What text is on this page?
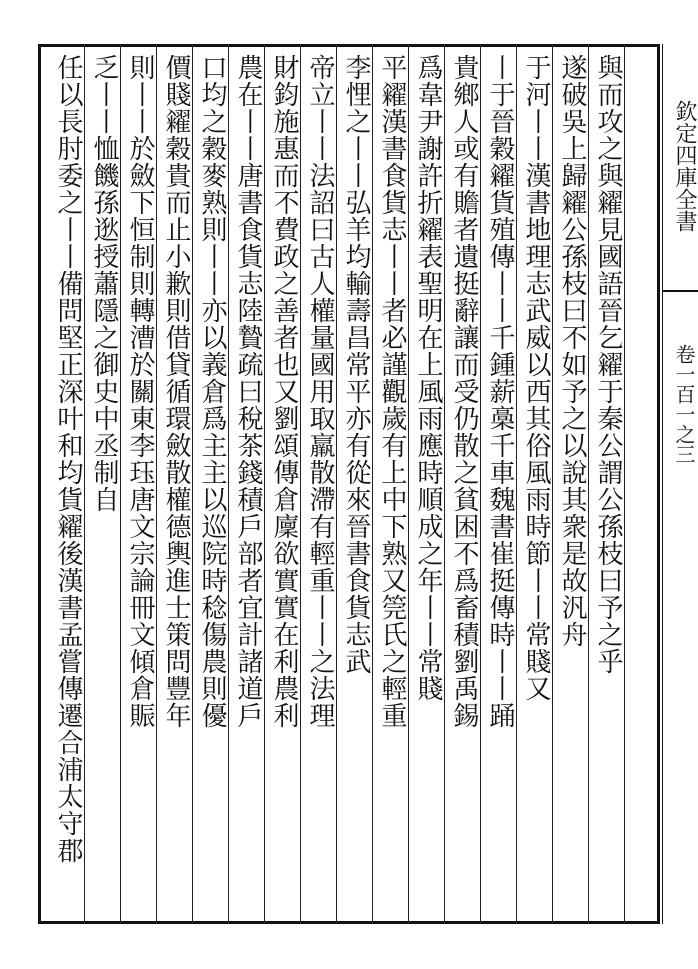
欽定四庫全書
卷一百一之三
與而攻之與糴見國語晉乞糴于秦公謂公孫枝曰予之乎
遂破吳上歸糴公孫枝曰不如予之以說其衆是故汎舟
于河丨丨漢書地理志武威以西其俗風雨時節丨丨常賤又
丨于晉穀糴貨殖傳丨丨千鍾薪槀千車魏書崔挺傳時丨丨踊
貴鄉人或有贍者遺挺辭讓而受仍散之貧困不爲畜積劉禹錫
爲韋尹謝許折糴表聖明在上風雨應時順成之年丨丨常賤
平糴漢書食貨志丨丨者必謹觀歲有上中下熟又筦氏之輕重
李悝之丨丨弘羊均輸壽昌常平亦有從來晉書食貨志武
帝立丨丨法詔曰古人權量國用取羸散滯有輕重丨丨之法理
財鈞施惠而不費政之善者也又劉頌傳倉廩欲實實在利農利
農在丨丨唐書食貨志陸贄疏曰稅茶錢積戶部者宜計諸道戶
口均之穀麥熟則丨丨亦以義倉爲主主以巡院時稔傷農則優
價賤糴穀貴而止小歉則借貸循環斂散權德輿進士策問豐年
則丨丨於斂下恒制則轉漕於關東李珏唐文宗論冊文傾倉賑
乏丨丨恤饑孫逖授蕭隱之御史中丞制自
任以長肘委之丨丨備問堅正深叶和均貨糴後漢書孟嘗傳遷合浦太守郡
